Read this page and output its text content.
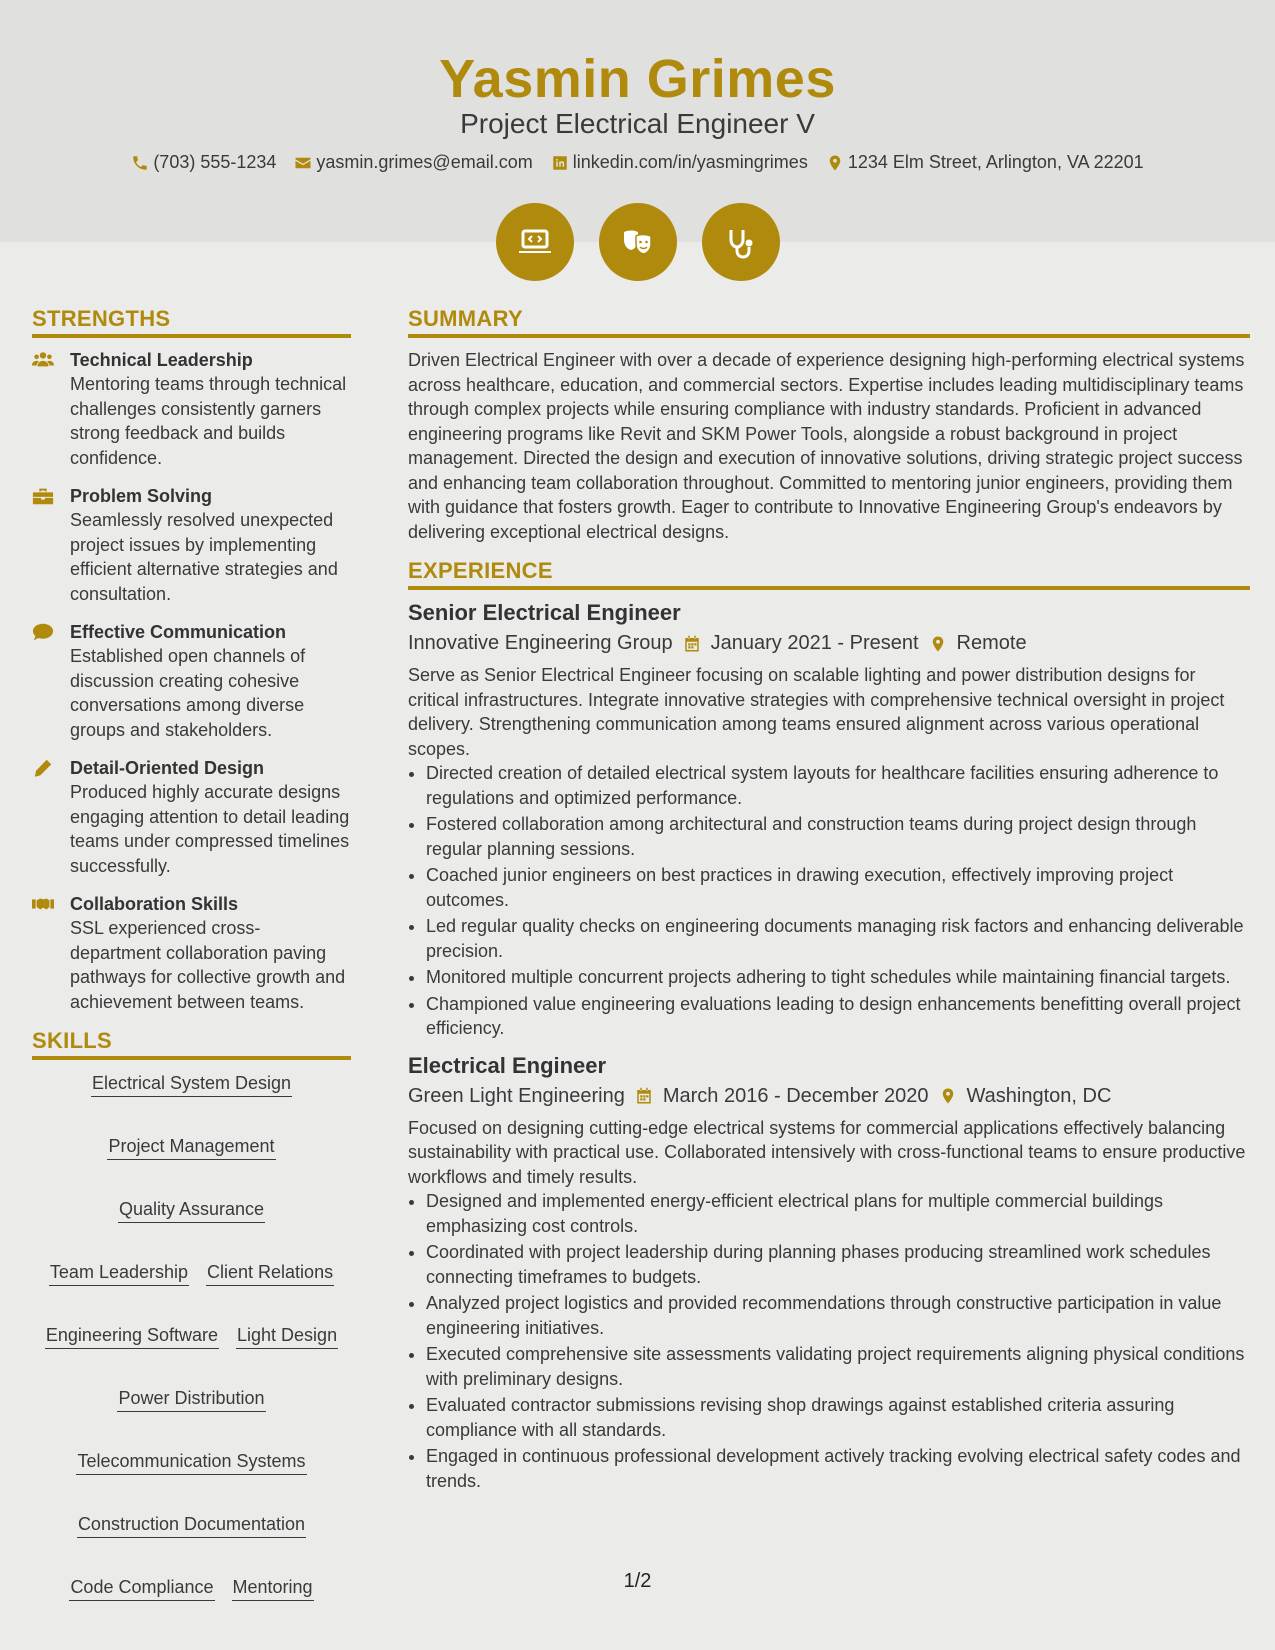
Yasmin Grimes
Project Electrical Engineer V
(703) 555-1234 yasmin.grimes@email.com linkedin.com/in/yasmingrimes 1234 Elm Street, Arlington, VA 22201
STRENGTHS
Technical Leadership
Mentoring teams through technical challenges consistently garners strong feedback and builds confidence.
Problem Solving
Seamlessly resolved unexpected project issues by implementing efficient alternative strategies and consultation.
Effective Communication
Established open channels of discussion creating cohesive conversations among diverse groups and stakeholders.
Detail-Oriented Design
Produced highly accurate designs engaging attention to detail leading teams under compressed timelines successfully.
Collaboration Skills
SSL experienced cross-department collaboration paving pathways for collective growth and achievement between teams.
SKILLS
Electrical System Design
Project Management
Quality Assurance
Team Leadership Client Relations
Engineering Software Light Design
Power Distribution
Telecommunication Systems
Construction Documentation
Code Compliance Mentoring
SUMMARY

Driven Electrical Engineer with over a decade of experience designing high-performing electrical systems across healthcare, education, and commercial sectors. Expertise includes leading multidisciplinary teams through complex projects while ensuring compliance with industry standards. Proficient in advanced engineering programs like Revit and SKM Power Tools, alongside a robust background in project management. Directed the design and execution of innovative solutions, driving strategic project success and enhancing team collaboration throughout. Committed to mentoring junior engineers, providing them with guidance that fosters growth. Eager to contribute to Innovative Engineering Group's endeavors by delivering exceptional electrical designs.

EXPERIENCE
Senior Electrical Engineer
Innovative Engineering Group January 2021 - Present Remote

Serve as Senior Electrical Engineer focusing on scalable lighting and power distribution designs for critical infrastructures. Integrate innovative strategies with comprehensive technical oversight in project delivery. Strengthening communication among teams ensured alignment across various operational scopes.

• Directed creation of detailed electrical system layouts for healthcare facilities ensuring adherence to regulations and optimized performance.
• Fostered collaboration among architectural and construction teams during project design through regular planning sessions.
• Coached junior engineers on best practices in drawing execution, effectively improving project outcomes.
• Led regular quality checks on engineering documents managing risk factors and enhancing deliverable precision.
• Monitored multiple concurrent projects adhering to tight schedules while maintaining financial targets.
• Championed value engineering evaluations leading to design enhancements benefitting overall project efficiency.
Electrical Engineer
Green Light Engineering March 2016 - December 2020 Washington, DC

Focused on designing cutting-edge electrical systems for commercial applications effectively balancing sustainability with practical use. Collaborated intensively with cross-functional teams to ensure productive workflows and timely results.

• Designed and implemented energy-efficient electrical plans for multiple commercial buildings emphasizing cost controls.
• Coordinated with project leadership during planning phases producing streamlined work schedules connecting timeframes to budgets.
• Analyzed project logistics and provided recommendations through constructive participation in value engineering initiatives.
• Executed comprehensive site assessments validating project requirements aligning physical conditions with preliminary designs.
• Evaluated contractor submissions revising shop drawings against established criteria assuring compliance with all standards.
• Engaged in continuous professional development actively tracking evolving electrical safety codes and trends.
1/2
